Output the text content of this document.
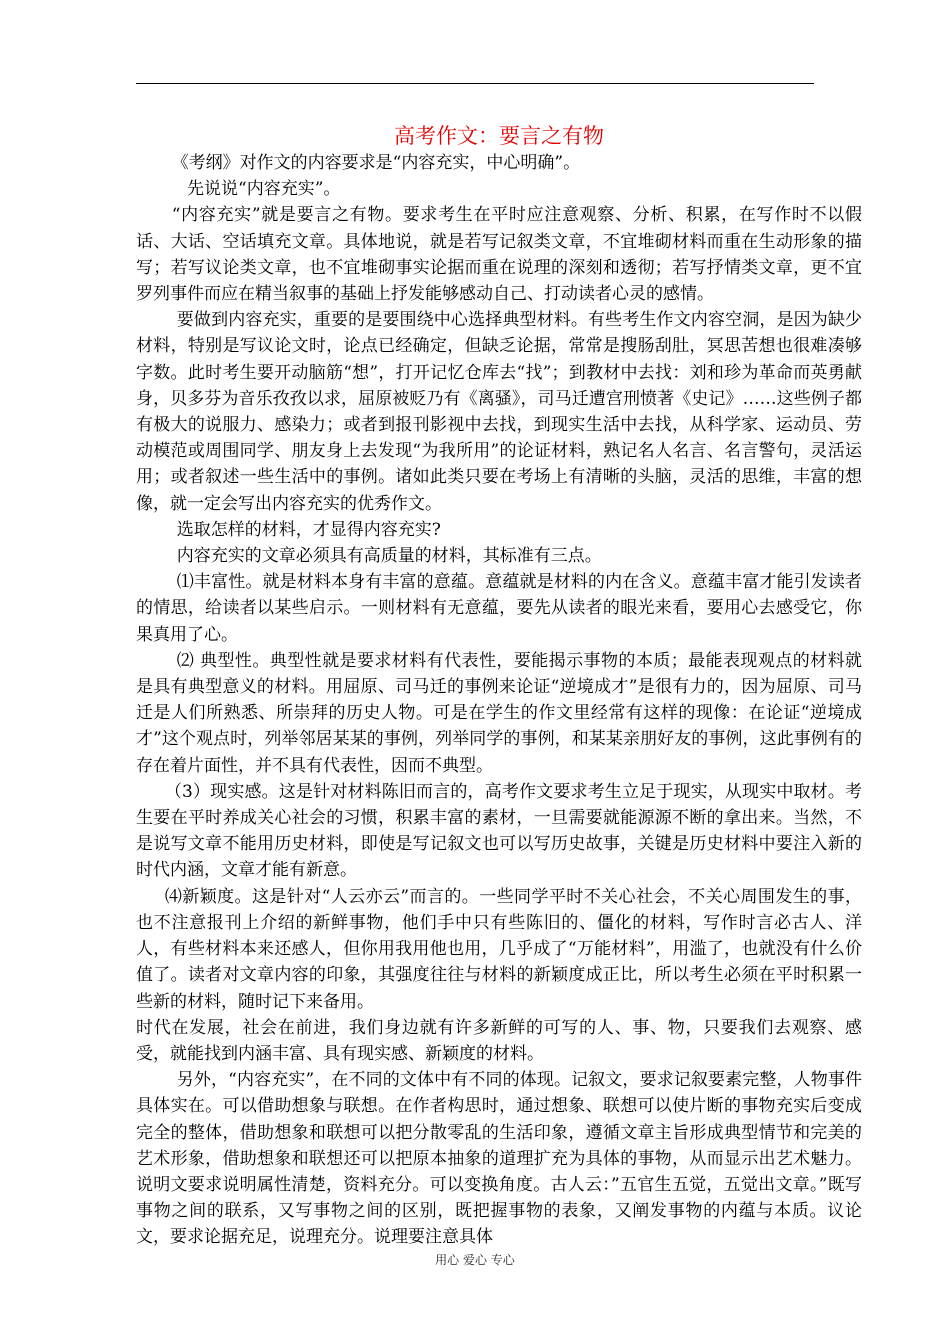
高考作文：要言之有物

《考纲》对作文的内容要求是“内容充实，中心明确”。

先说说“内容充实”。

“内容充实”就是要言之有物。要求考生在平时应注意观察、分析、积累，在写作时不以假话、大话、空话填充文章。具体地说，就是若写记叙类文章，不宜堆砌材料而重在生动形象的描写；若写议论类文章，也不宜堆砌事实论据而重在说理的深刻和透彻；若写抒情类文章，更不宜罗列事件而应在精当叙事的基础上抒发能够感动自己、打动读者心灵的感情。

要做到内容充实，重要的是要围绕中心选择典型材料。有些考生作文内容空洞，是因为缺少材料，特别是写议论文时，论点已经确定，但缺乏论据，常常是搜肠刮肚，冥思苦想也很难凑够字数。此时考生要开动脑筋“想”，打开记忆仓库去“找”；到教材中去找：刘和珍为革命而英勇献身，贝多芬为音乐孜孜以求，屈原被贬乃有《离骚》，司马迁遭宫刑愤著《史记》……这些例子都有极大的说服力、感染力；或者到报刊影视中去找，到现实生活中去找，从科学家、运动员、劳动模范或周围同学、朋友身上去发现“为我所用”的论证材料，熟记名人名言、名言警句，灵活运用；或者叙述一些生活中的事例。诸如此类只要在考场上有清晰的头脑，灵活的思维，丰富的想像，就一定会写出内容充实的优秀作文。

选取怎样的材料，才显得内容充实?

内容充实的文章必须具有高质量的材料，其标准有三点。

⑴丰富性。就是材料本身有丰富的意蕴。意蕴就是材料的内在含义。意蕴丰富才能引发读者的情思，给读者以某些启示。一则材料有无意蕴，要先从读者的眼光来看，要用心去感受它，你果真用了心。

⑵ 典型性。典型性就是要求材料有代表性，要能揭示事物的本质；最能表现观点的材料就是具有典型意义的材料。用屈原、司马迁的事例来论证“逆境成才”是很有力的，因为屈原、司马迁是人们所熟悉、所崇拜的历史人物。可是在学生的作文里经常有这样的现像：在论证“逆境成才”这个观点时，列举邻居某某的事例，列举同学的事例，和某某亲朋好友的事例，这此事例有的存在着片面性，并不具有代表性，因而不典型。

（3）现实感。这是针对材料陈旧而言的，高考作文要求考生立足于现实，从现实中取材。考生要在平时养成关心社会的习惯，积累丰富的素材，一旦需要就能源源不断的拿出来。当然，不是说写文章不能用历史材料，即使是写记叙文也可以写历史故事，关键是历史材料中要注入新的时代内涵，文章才能有新意。

⑷新颖度。这是针对“人云亦云”而言的。一些同学平时不关心社会，不关心周围发生的事，也不注意报刊上介绍的新鲜事物，他们手中只有些陈旧的、僵化的材料，写作时言必古人、洋人，有些材料本来还感人，但你用我用他也用，几乎成了“万能材料”，用滥了，也就没有什么价值了。读者对文章内容的印象，其强度往往与材料的新颖度成正比，所以考生必须在平时积累一些新的材料，随时记下来备用。

时代在发展，社会在前进，我们身边就有许多新鲜的可写的人、事、物，只要我们去观察、感受，就能找到内涵丰富、具有现实感、新颖度的材料。

另外，“内容充实”，在不同的文体中有不同的体现。记叙文，要求记叙要素完整，人物事件具体实在。可以借助想象与联想。在作者构思时，通过想象、联想可以使片断的事物充实后变成完全的整体，借助想象和联想可以把分散零乱的生活印象，遵循文章主旨形成典型情节和完美的艺术形象，借助想象和联想还可以把原本抽象的道理扩充为具体的事物，从而显示出艺术魅力。说明文要求说明属性清楚，资料充分。可以变换角度。古人云：”五官生五觉，五觉出文章。”既写事物之间的联系，又写事物之间的区别，既把握事物的表象，又阐发事物的内蕴与本质。议论文，要求论据充足，说理充分。说理要注意具体

用心 爱心 专心
